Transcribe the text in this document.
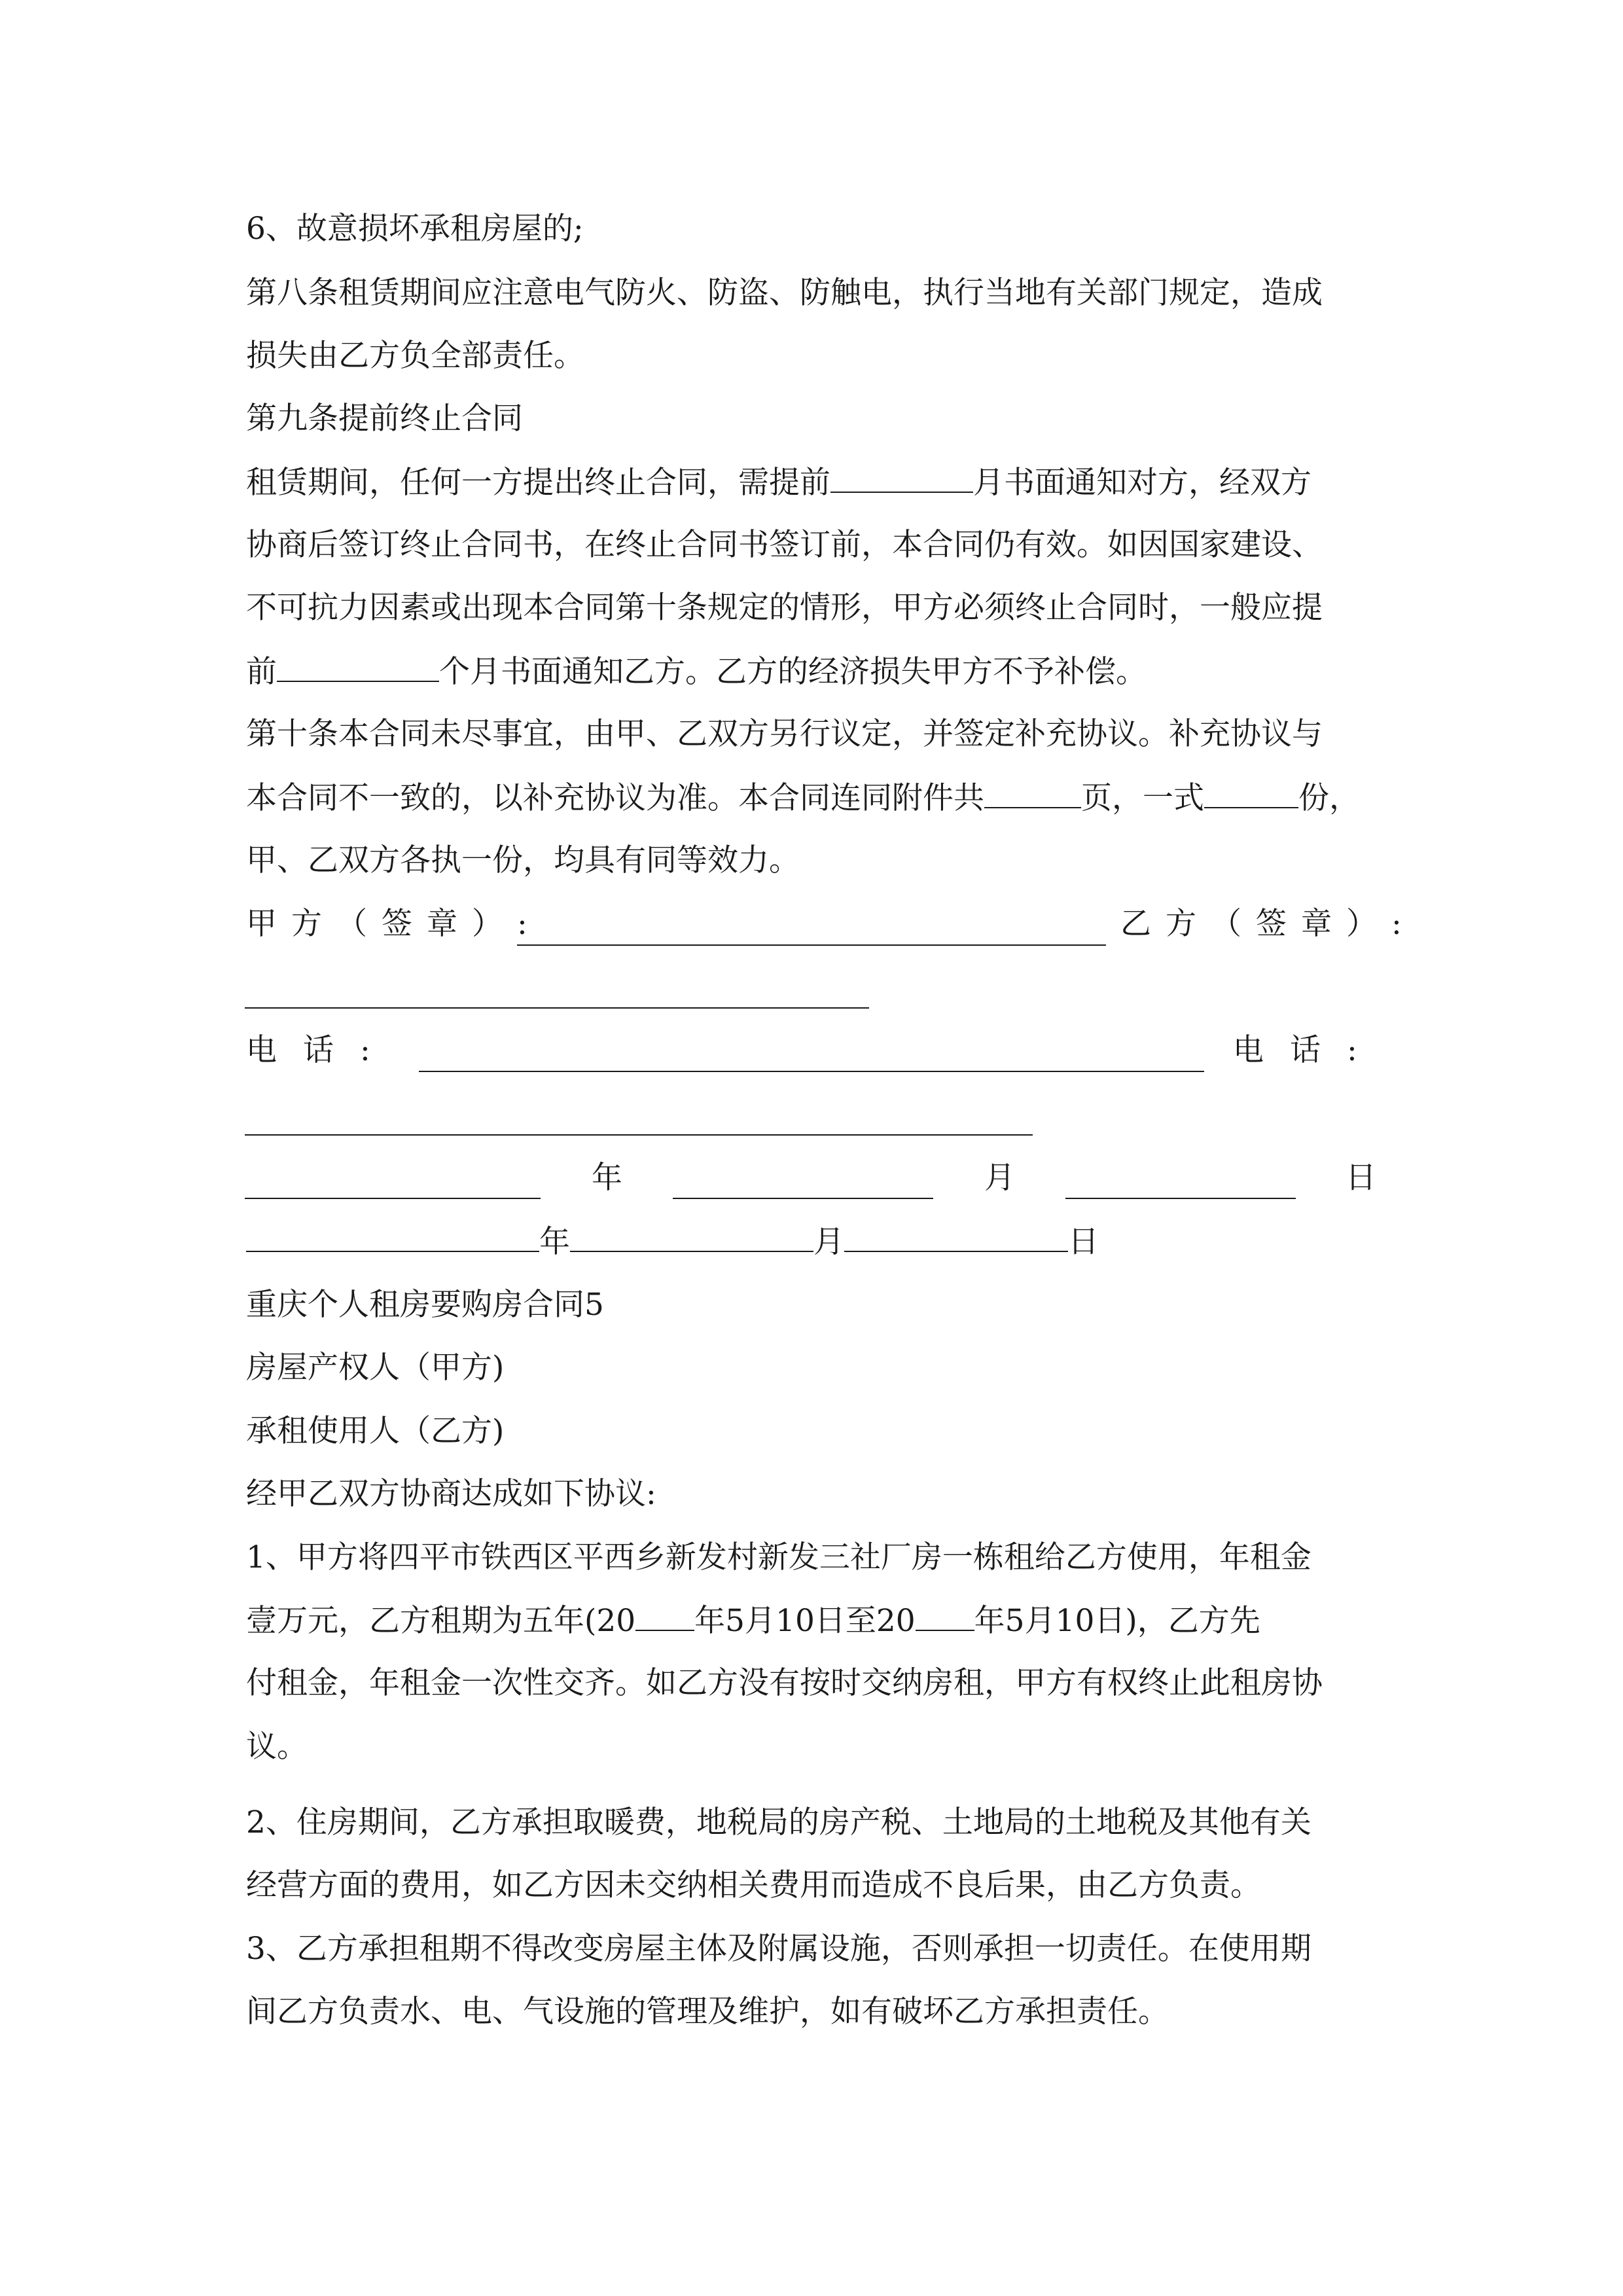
6、故意损坏承租房屋的;
第八条租赁期间应注意电气防火、防盗、防触电，执行当地有关部门规定，造成
损失由乙方负全部责任。
第九条提前终止合同
租赁期间，任何一方提出终止合同，需提前	月书面通知对方，经双方
协商后签订终止合同书，在终止合同书签订前，本合同仍有效。如因国家建设、
不可抗力因素或出现本合同第十条规定的情形，甲方必须终止合同时，一般应提
前	个月书面通知乙方。乙方的经济损失甲方不予补偿。
第十条本合同未尽事宜，由甲、乙双方另行议定，并签定补充协议。补充协议与
本合同不一致的，以补充协议为准。本合同连同附件共	页，一式	份，
甲、乙双方各执一份，均具有同等效力。
甲方（签章）:	乙方（签章）:
电话:	电话:
年	月	日
年	月	日
重庆个人租房要购房合同5
房屋产权人（甲方)
承租使用人（乙方)
经甲乙双方协商达成如下协议:
1、甲方将四平市铁西区平西乡新发村新发三社厂房一栋租给乙方使用，年租金
壹万元，乙方租期为五年(20 年5月10日至20 年5月10日)，乙方先
付租金，年租金一次性交齐。如乙方没有按时交纳房租，甲方有权终止此租房协
议。
2、住房期间，乙方承担取暖费，地税局的房产税、土地局的土地税及其他有关
经营方面的费用，如乙方因未交纳相关费用而造成不良后果，由乙方负责。
3、乙方承担租期不得改变房屋主体及附属设施，否则承担一切责任。在使用期
间乙方负责水、电、气设施的管理及维护，如有破坏乙方承担责任。
